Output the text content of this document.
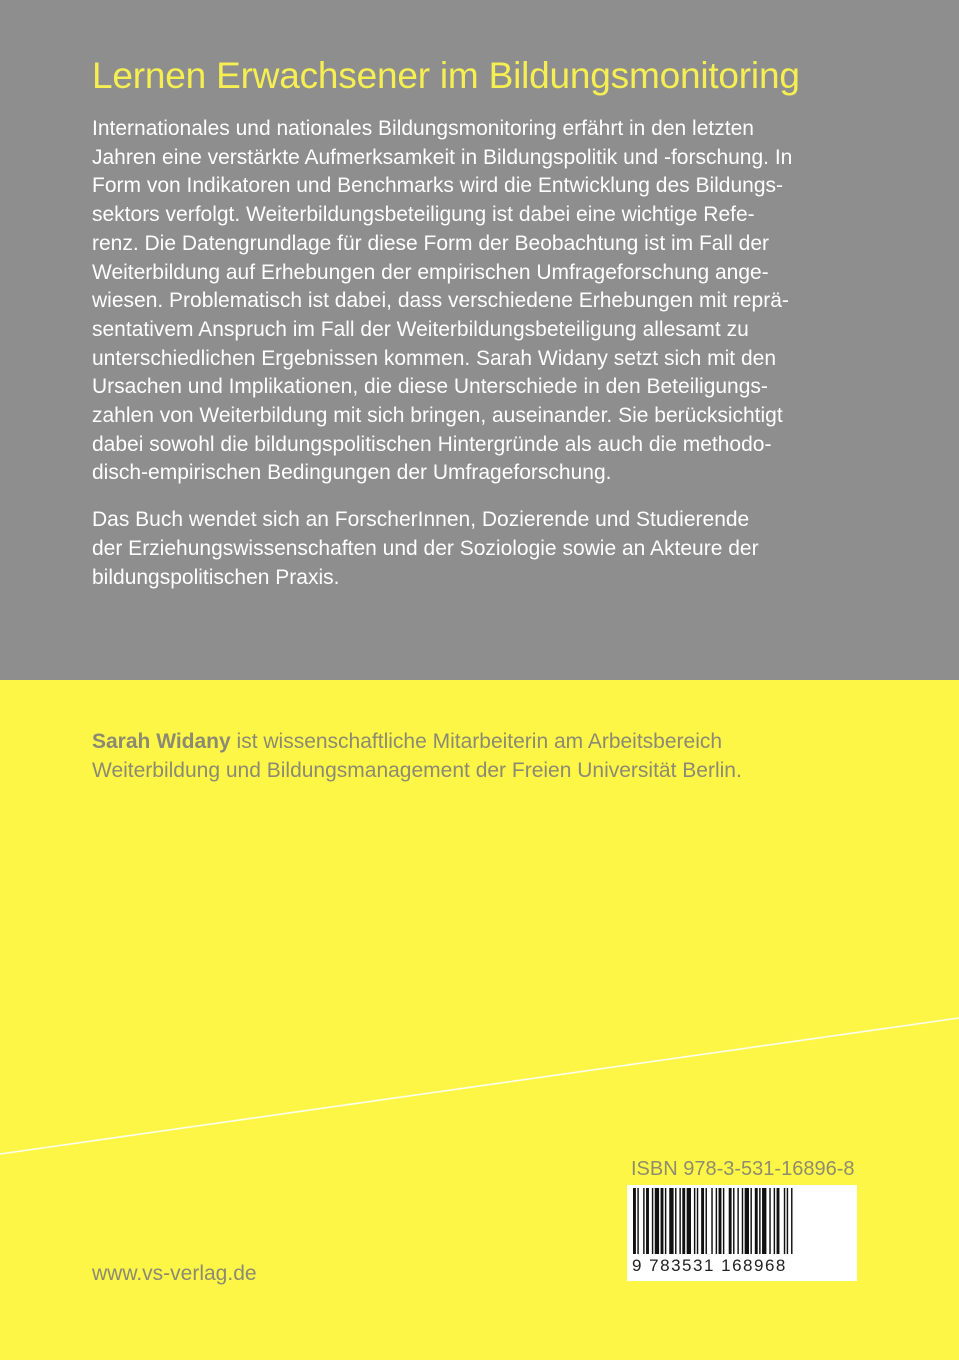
Lernen Erwachsener im Bildungsmonitoring
Internationales und nationales Bildungsmonitoring erfährt in den letzten
Jahren eine verstärkte Aufmerksamkeit in Bildungspolitik und -forschung. In
Form von Indikatoren und Benchmarks wird die Entwicklung des Bildungs-
sektors verfolgt. Weiterbildungsbeteiligung ist dabei eine wichtige Refe-
renz. Die Datengrundlage für diese Form der Beobachtung ist im Fall der
Weiterbildung auf Erhebungen der empirischen Umfrageforschung ange-
wiesen. Problematisch ist dabei, dass verschiedene Erhebungen mit reprä-
sentativem Anspruch im Fall der Weiterbildungsbeteiligung allesamt zu
unterschiedlichen Ergebnissen kommen. Sarah Widany setzt sich mit den
Ursachen und Implikationen, die diese Unterschiede in den Beteiligungs-
zahlen von Weiterbildung mit sich bringen, auseinander. Sie berücksichtigt
dabei sowohl die bildungspolitischen Hintergründe als auch die methodo-
disch-empirischen Bedingungen der Umfrageforschung.
Das Buch wendet sich an ForscherInnen, Dozierende und Studierende
der Erziehungswissenschaften und der Soziologie sowie an Akteure der
bildungspolitischen Praxis.
Sarah Widany ist wissenschaftliche Mitarbeiterin am Arbeitsbereich
Weiterbildung und Bildungsmanagement der Freien Universität Berlin.
ISBN 978-3-531-16896-8
9 783531 168968
www.vs-verlag.de
